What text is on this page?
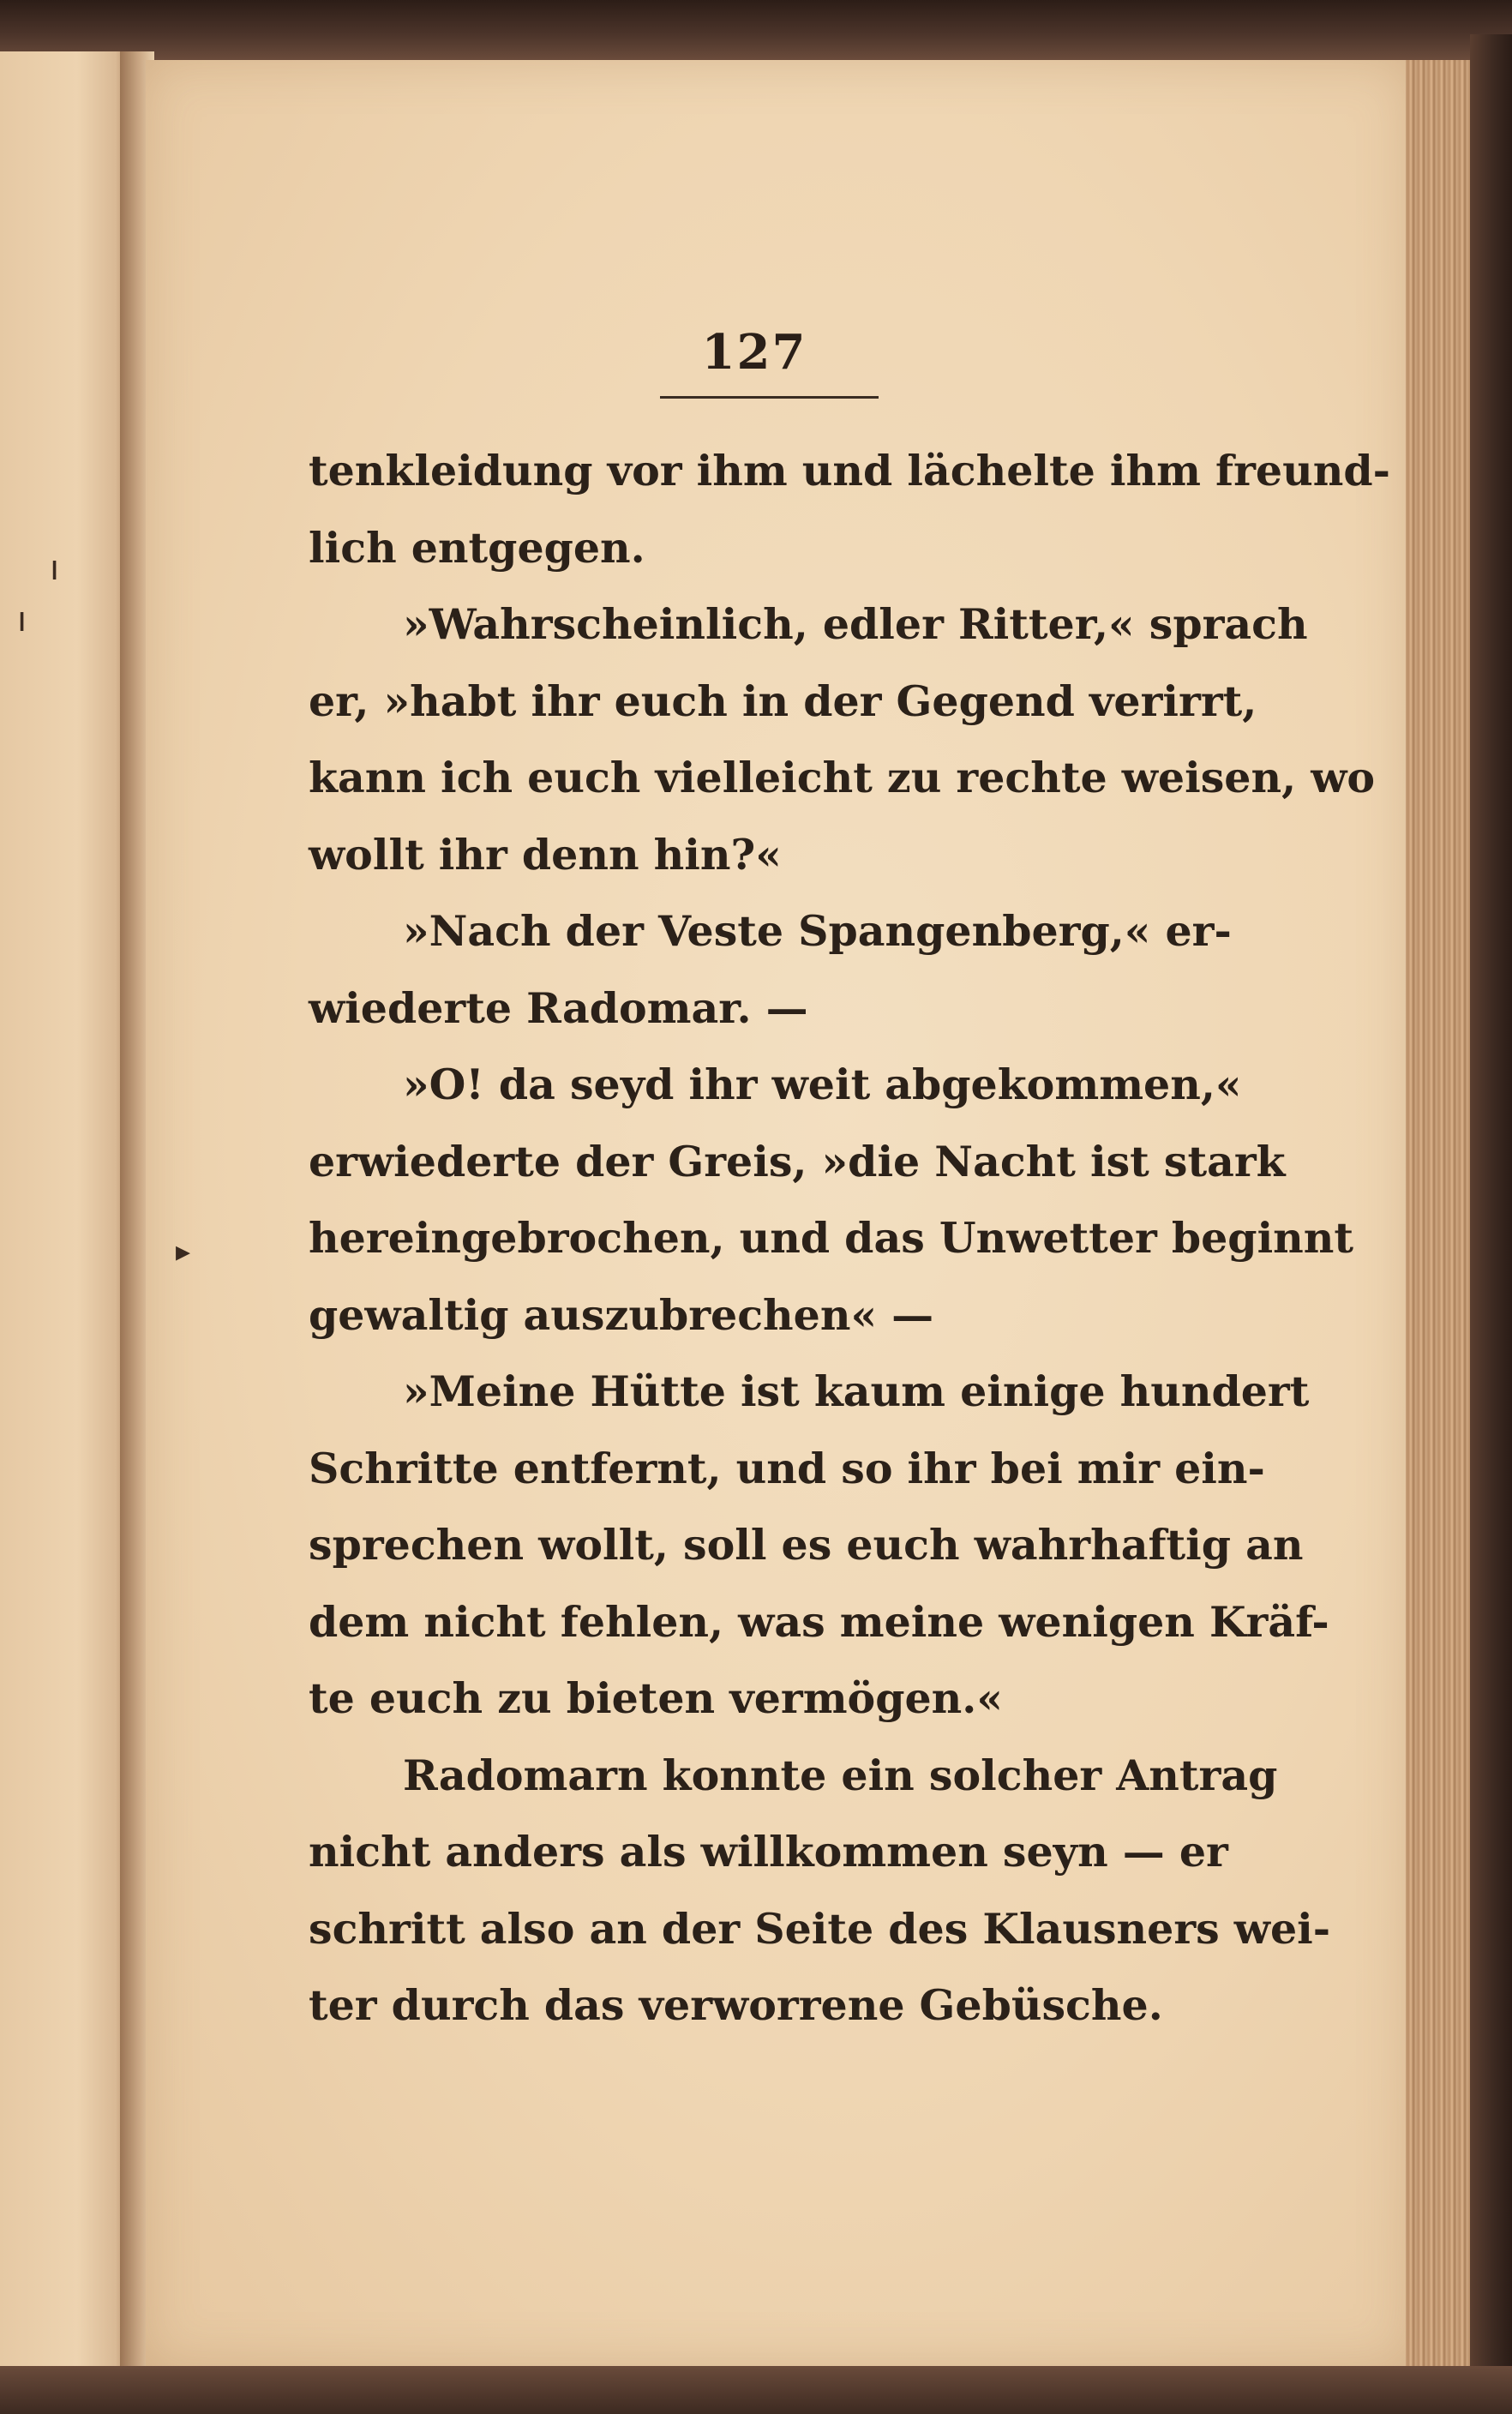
ı
ı
▸
127
tenkleidung vor ihm und lächelte ihm freund-
lich entgegen.
»Wahrscheinlich, edler Ritter,« sprach
er, »habt ihr euch in der Gegend verirrt,
kann ich euch vielleicht zu rechte weisen, wo
wollt ihr denn hin?«
»Nach der Veste Spangenberg,« er-
wiederte Radomar. —
»O! da seyd ihr weit abgekommen,«
erwiederte der Greis, »die Nacht ist stark
hereingebrochen, und das Unwetter beginnt
gewaltig auszubrechen« —
»Meine Hütte ist kaum einige hundert
Schritte entfernt, und so ihr bei mir ein-
sprechen wollt, soll es euch wahrhaftig an
dem nicht fehlen, was meine wenigen Kräf-
te euch zu bieten vermögen.«
Radomarn konnte ein solcher Antrag
nicht anders als willkommen seyn — er
schritt also an der Seite des Klausners wei-
ter durch das verworrene Gebüsche.
